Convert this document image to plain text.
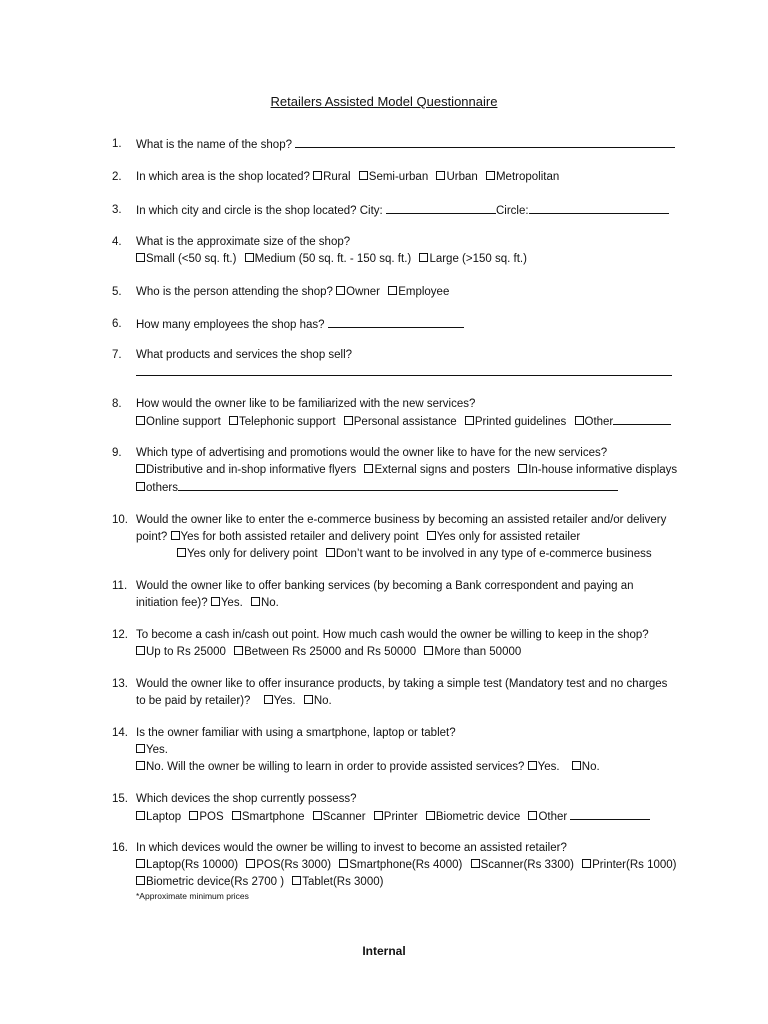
Retailers Assisted Model Questionnaire
1. What is the name of the shop?
2. In which area is the shop located? Rural Semi-urban Urban Metropolitan
3. In which city and circle is the shop located? City:	Circle:
4. What is the approximate size of the shop?
Small (<50 sq. ft.) Medium (50 sq. ft. - 150 sq. ft.) Large (>150 sq. ft.)
5. Who is the person attending the shop? Owner Employee
6. How many employees the shop has?
7. What products and services the shop sell?
8. How would the owner like to be familiarized with the new services?
Online support Telephonic support Personal assistance Printed guidelines Other
9. Which type of advertising and promotions would the owner like to have for the new services?
Distributive and in-shop informative flyers External signs and posters In-house informative displays
others
10. Would the owner like to enter the e-commerce business by becoming an assisted retailer and/or delivery
point? Yes for both assisted retailer and delivery point Yes only for assisted retailer
Yes only for delivery point Don’t want to be involved in any type of e-commerce business
11. Would the owner like to offer banking services (by becoming a Bank correspondent and paying an
initiation fee)? Yes. No.
12. To become a cash in/cash out point. How much cash would the owner be willing to keep in the shop?
Up to Rs 25000 Between Rs 25000 and Rs 50000 More than 50000
13. Would the owner like to offer insurance products, by taking a simple test (Mandatory test and no charges
to be paid by retailer)? Yes. No.
14. Is the owner familiar with using a smartphone, laptop or tablet?
Yes.
No. Will the owner be willing to learn in order to provide assisted services? Yes. No.
15. Which devices the shop currently possess?
Laptop POS Smartphone Scanner Printer Biometric device Other
16. In which devices would the owner be willing to invest to become an assisted retailer?
Laptop(Rs 10000) POS(Rs 3000) Smartphone(Rs 4000) Scanner(Rs 3300) Printer(Rs 1000)
Biometric device(Rs 2700 ) Tablet(Rs 3000)
*Approximate minimum prices
Internal
